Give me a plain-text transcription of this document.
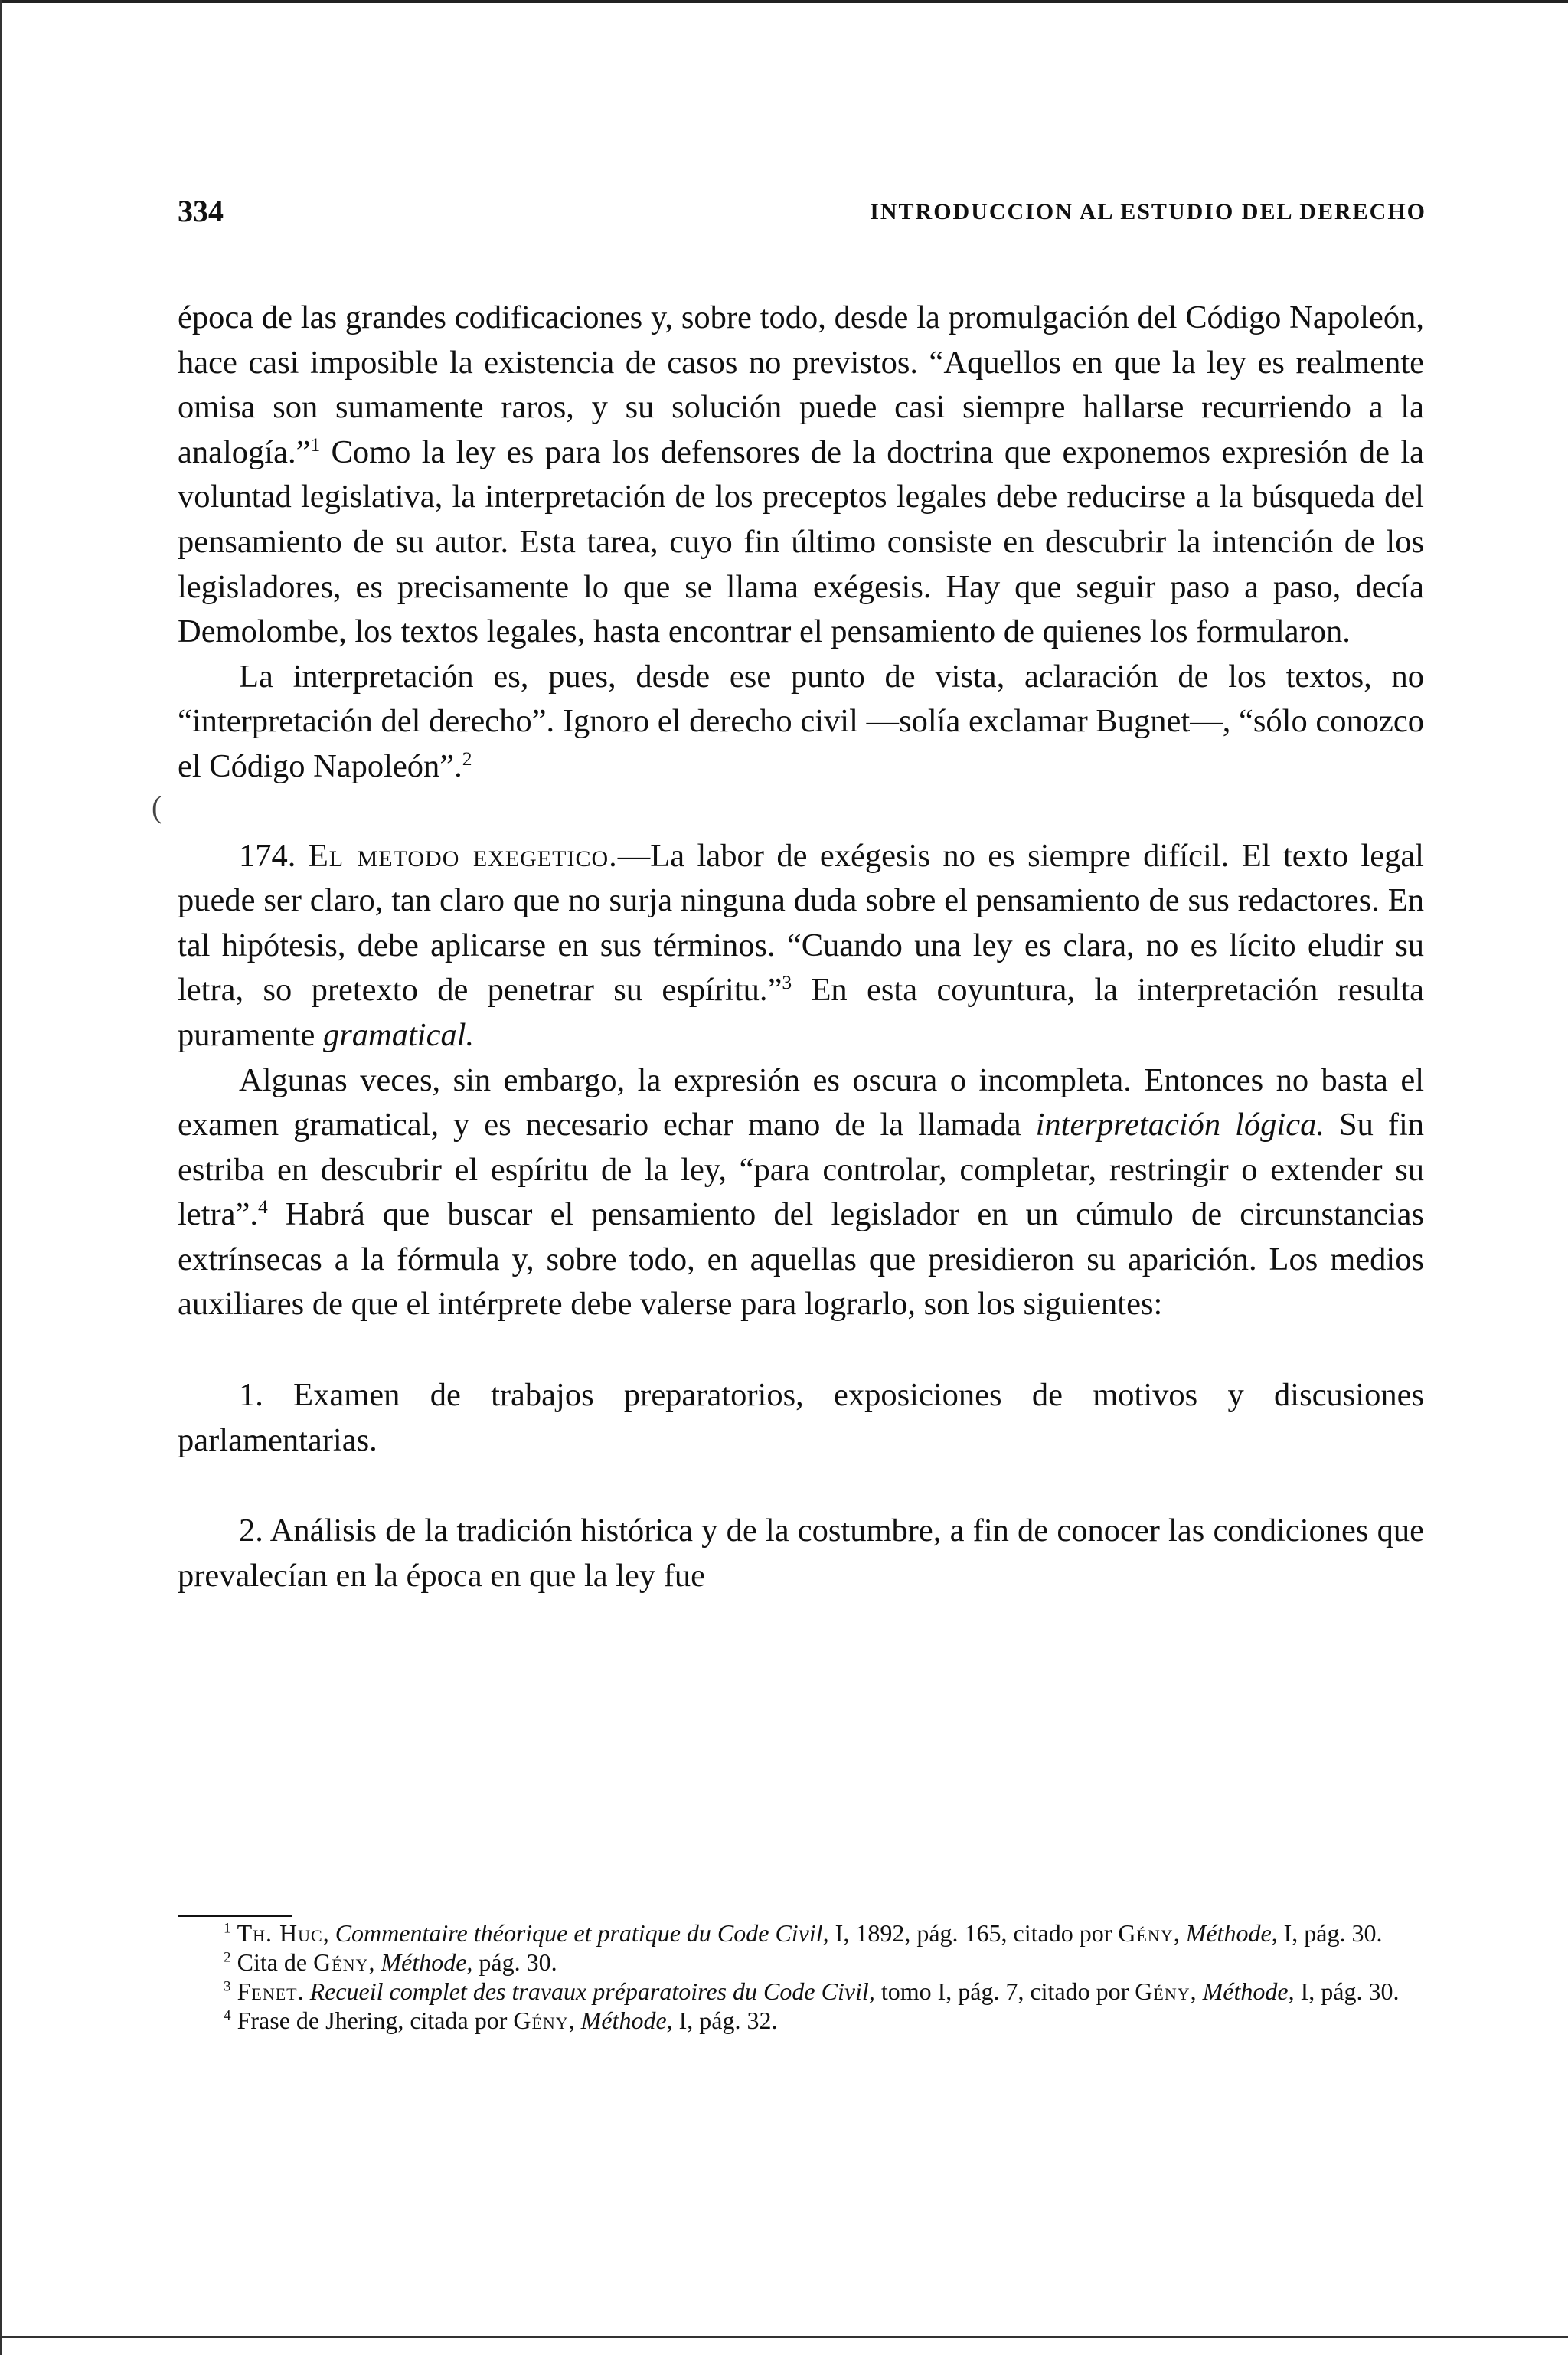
334	INTRODUCCION AL ESTUDIO DEL DERECHO
(

época de las grandes codificaciones y, sobre todo, desde la promulgación del Código Napoleón, hace casi imposible la existencia de casos no previstos. “Aquellos en que la ley es realmente omisa son sumamente raros, y su solución puede casi siempre hallarse recurriendo a la analogía.”$^1$ Como la ley es para los defensores de la doctrina que exponemos expresión de la voluntad legislativa, la interpretación de los preceptos legales debe reducirse a la búsqueda del pensamiento de su autor. Esta tarea, cuyo fin último consiste en descubrir la intención de los legisladores, es precisamente lo que se llama exégesis. Hay que seguir paso a paso, decía Demolombe, los textos legales, hasta encontrar el pensamiento de quienes los formularon.

La interpretación es, pues, desde ese punto de vista, aclaración de los textos, no “interpretación del derecho”. Ignoro el derecho civil —solía exclamar Bugnet—, “sólo conozco el Código Napoleón”.$^2$

174. El metodo exegetico.—La labor de exégesis no es siempre difícil. El texto legal puede ser claro, tan claro que no surja ninguna duda sobre el pensamiento de sus redactores. En tal hipótesis, debe aplicarse en sus términos. “Cuando una ley es clara, no es lícito eludir su letra, so pretexto de penetrar su espíritu.”$^3$ En esta coyuntura, la interpretación resulta puramente gramatical.

Algunas veces, sin embargo, la expresión es oscura o incompleta. Entonces no basta el examen gramatical, y es necesario echar mano de la llamada interpretación lógica. Su fin estriba en descubrir el espíritu de la ley, “para controlar, completar, restringir o extender su letra”.$^4$ Habrá que buscar el pensamiento del legislador en un cúmulo de circunstancias extrínsecas a la fórmula y, sobre todo, en aquellas que presidieron su aparición. Los medios auxiliares de que el intérprete debe valerse para lograrlo, son los siguientes:

1. Examen de trabajos preparatorios, exposiciones de motivos y discusiones parlamentarias.

2. Análisis de la tradición histórica y de la costumbre, a fin de conocer las condiciones que prevalecían en la época en que la ley fue

$^1$ Th. Huc, Commentaire théorique et pratique du Code Civil, I, 1892, pág. 165, citado por Gény, Méthode, I, pág. 30.

$^2$ Cita de Gény, Méthode, pág. 30.

$^3$ Fenet. Recueil complet des travaux préparatoires du Code Civil, tomo I, pág. 7, citado por Gény, Méthode, I, pág. 30.

$^4$ Frase de Jhering, citada por Gény, Méthode, I, pág. 32.
